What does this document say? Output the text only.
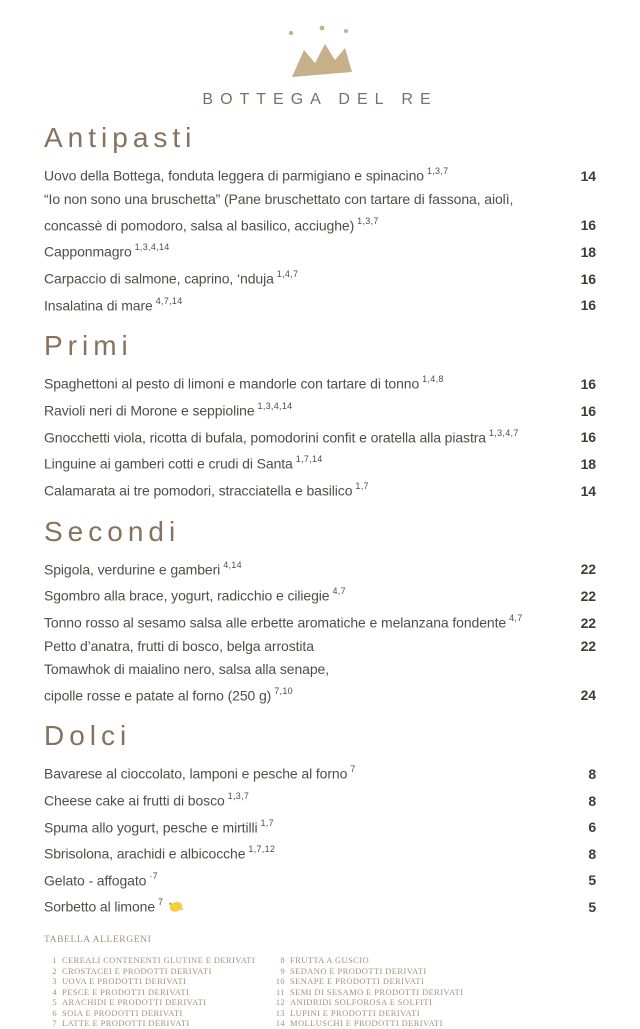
BOTTEGA DEL RE
Antipasti
Uovo della Bottega, fonduta leggera di parmigiano e spinacino $^{1,3,7}$	14
“Io non sono una bruschetta” (Pane bruschettato con tartare di fassona, aiolì,
concassè di pomodoro, salsa al basilico, acciughe) $^{1,3,7}$	16
Capponmagro $^{1,3,4,14}$	18
Carpaccio di salmone, caprino, ‘nduja $^{1,4,7}$	16
Insalatina di mare $^{4,7,14}$	16
Primi
Spaghettoni al pesto di limoni e mandorle con tartare di tonno $^{1,4,8}$	16
Ravioli neri di Morone e seppioline $^{1,3,4,14}$	16
Gnocchetti viola, ricotta di bufala, pomodorini confit e oratella alla piastra $^{1,3,4,7}$	16
Linguine ai gamberi cotti e crudi di Santa $^{1,7,14}$	18
Calamarata ai tre pomodori, stracciatella e basilico $^{1,7}$	14
Secondi
Spigola, verdurine e gamberi $^{4,14}$	22
Sgombro alla brace, yogurt, radicchio e ciliegie $^{4,7}$	22
Tonno rosso al sesamo salsa alle erbette aromatiche e melanzana fondente $^{4,7}$	22
Petto d’anatra, frutti di bosco, belga arrostita	22
Tomawhok di maialino nero, salsa alla senape,
cipolle rosse e patate al forno (250 g) $^{7,10}$	24
Dolci
Bavarese al cioccolato, lamponi e pesche al forno $^7$	8
Cheese cake ai frutti di bosco $^{1,3,7}$	8
Spuma allo yogurt, pesche e mirtilli $^{1,7}$	6
Sbrisolona, arachidi e albicocche $^{1,7,12}$	8
Gelato - affogato $^{\cdot 7}$	5
Sorbetto al limone $^7$	5
TABELLA ALLERGENI
1 CEREALI CONTENENTI GLUTINE E DERIVATI
2 CROSTACEI E PRODOTTI DERIVATI
3 UOVA E PRODOTTI DERIVATI
4 PESCE E PRODOTTI DERIVATI
5 ARACHIDI E PRODOTTI DERIVATI
6 SOIA E PRODOTTI DERIVATI
7 LATTE E PRODOTTI DERIVATI
8 FRUTTA A GUSCIO
9 SEDANO E PRODOTTI DERIVATI
10 SENAPE E PRODOTTI DERIVATI
11 SEMI DI SESAMO E PRODOTTI DERIVATI
12 ANIDRIDI SOLFOROSA E SOLFITI
13 LUPINI E PRODOTTI DERIVATI
14 MOLLUSCHI E PRODOTTI DERIVATI
